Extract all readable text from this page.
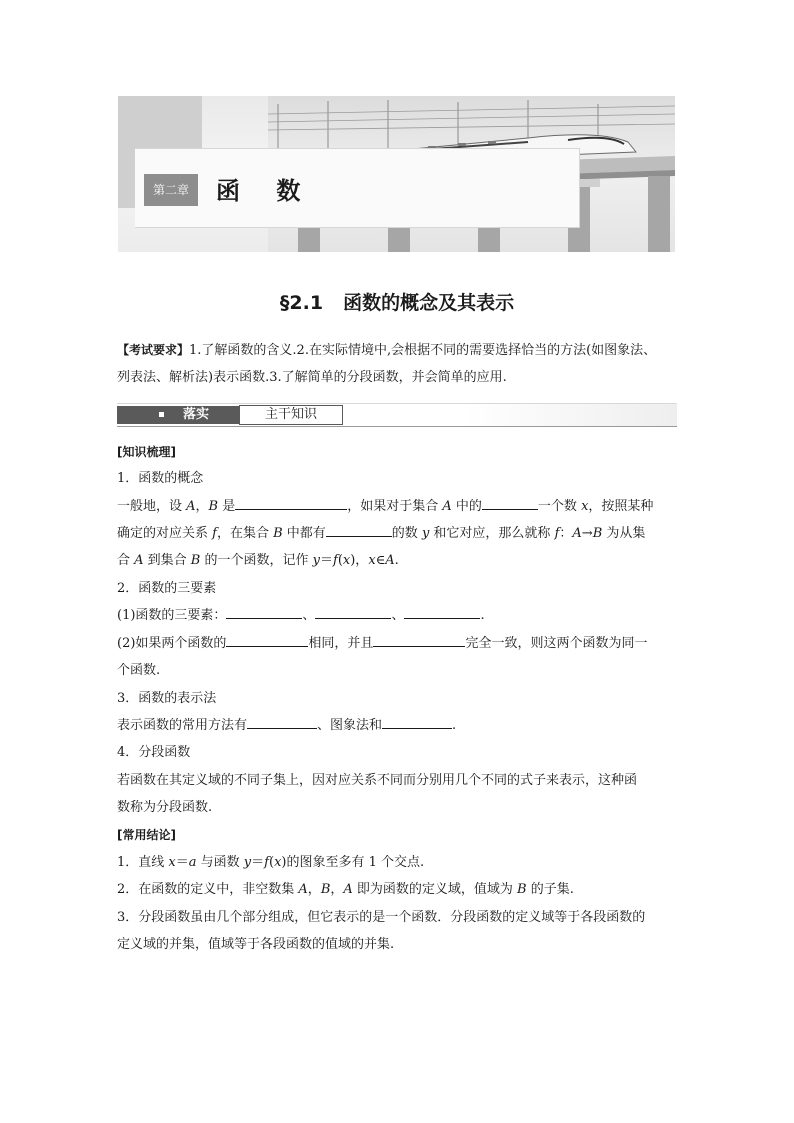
第二章	函 数
§2.1 函数的概念及其表示
【考试要求】1.了解函数的含义.2.在实际情境中,会根据不同的需要选择恰当的方法(如图象法、
列表法、解析法)表示函数.3.了解简单的分段函数，并会简单的应用.
落实	主干知识
[知识梳理]
1．函数的概念
一般地，设 A，B 是	，如果对于集合 A 中的	一个数 x，按照某种
确定的对应关系 f，在集合 B 中都有	的数 y 和它对应，那么就称 f：A→B 为从集
合 A 到集合 B 的一个函数，记作 y＝f(x)，x∈A.
2．函数的三要素
(1)函数的三要素：	、	、	.
(2)如果两个函数的	相同，并且	完全一致，则这两个函数为同一
个函数.
3．函数的表示法
表示函数的常用方法有	、图象法和	.
4．分段函数
若函数在其定义域的不同子集上，因对应关系不同而分别用几个不同的式子来表示，这种函
数称为分段函数.
[常用结论]
1．直线 x＝a 与函数 y＝f(x)的图象至多有 1 个交点.
2．在函数的定义中，非空数集 A，B，A 即为函数的定义域，值域为 B 的子集.
3．分段函数虽由几个部分组成，但它表示的是一个函数．分段函数的定义域等于各段函数的
定义域的并集，值域等于各段函数的值域的并集.
